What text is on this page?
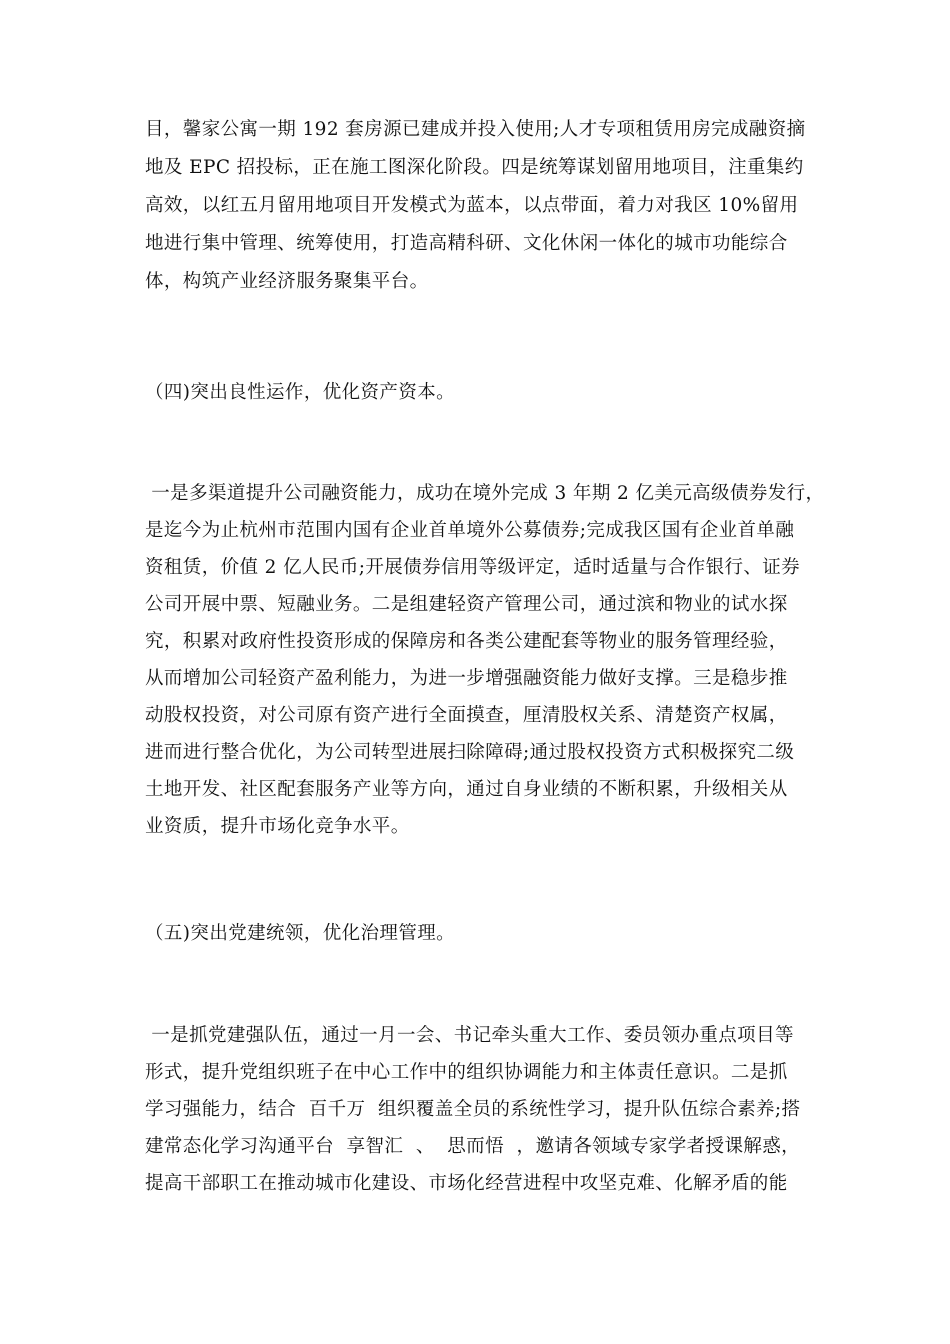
目，馨家公寓一期 192 套房源已建成并投入使用;人才专项租赁用房完成融资摘
地及 EPC 招投标，正在施工图深化阶段。四是统筹谋划留用地项目，注重集约
高效，以红五月留用地项目开发模式为蓝本，以点带面，着力对我区 10%留用
地进行集中管理、统筹使用，打造高精科研、文化休闲一体化的城市功能综合
体，构筑产业经济服务聚集平台。
（四)突出良性运作，优化资产资本。
一是多渠道提升公司融资能力，成功在境外完成 3 年期 2 亿美元高级债券发行，
是迄今为止杭州市范围内国有企业首单境外公募债券;完成我区国有企业首单融
资租赁，价值 2 亿人民币;开展债券信用等级评定，适时适量与合作银行、证券
公司开展中票、短融业务。二是组建轻资产管理公司，通过滨和物业的试水探
究，积累对政府性投资形成的保障房和各类公建配套等物业的服务管理经验，
从而增加公司轻资产盈利能力，为进一步增强融资能力做好支撑。三是稳步推
动股权投资，对公司原有资产进行全面摸查，厘清股权关系、清楚资产权属，
进而进行整合优化，为公司转型进展扫除障碍;通过股权投资方式积极探究二级
土地开发、社区配套服务产业等方向，通过自身业绩的不断积累，升级相关从
业资质，提升市场化竞争水平。
（五)突出党建统领，优化治理管理。
一是抓党建强队伍，通过一月一会、书记牵头重大工作、委员领办重点项目等
形式，提升党组织班子在中心工作中的组织协调能力和主体责任意识。二是抓
学习强能力，结合  百千万  组织覆盖全员的系统性学习，提升队伍综合素养;搭
建常态化学习沟通平台  享智汇  、  思而悟  ，邀请各领域专家学者授课解惑，
提高干部职工在推动城市化建设、市场化经营进程中攻坚克难、化解矛盾的能
